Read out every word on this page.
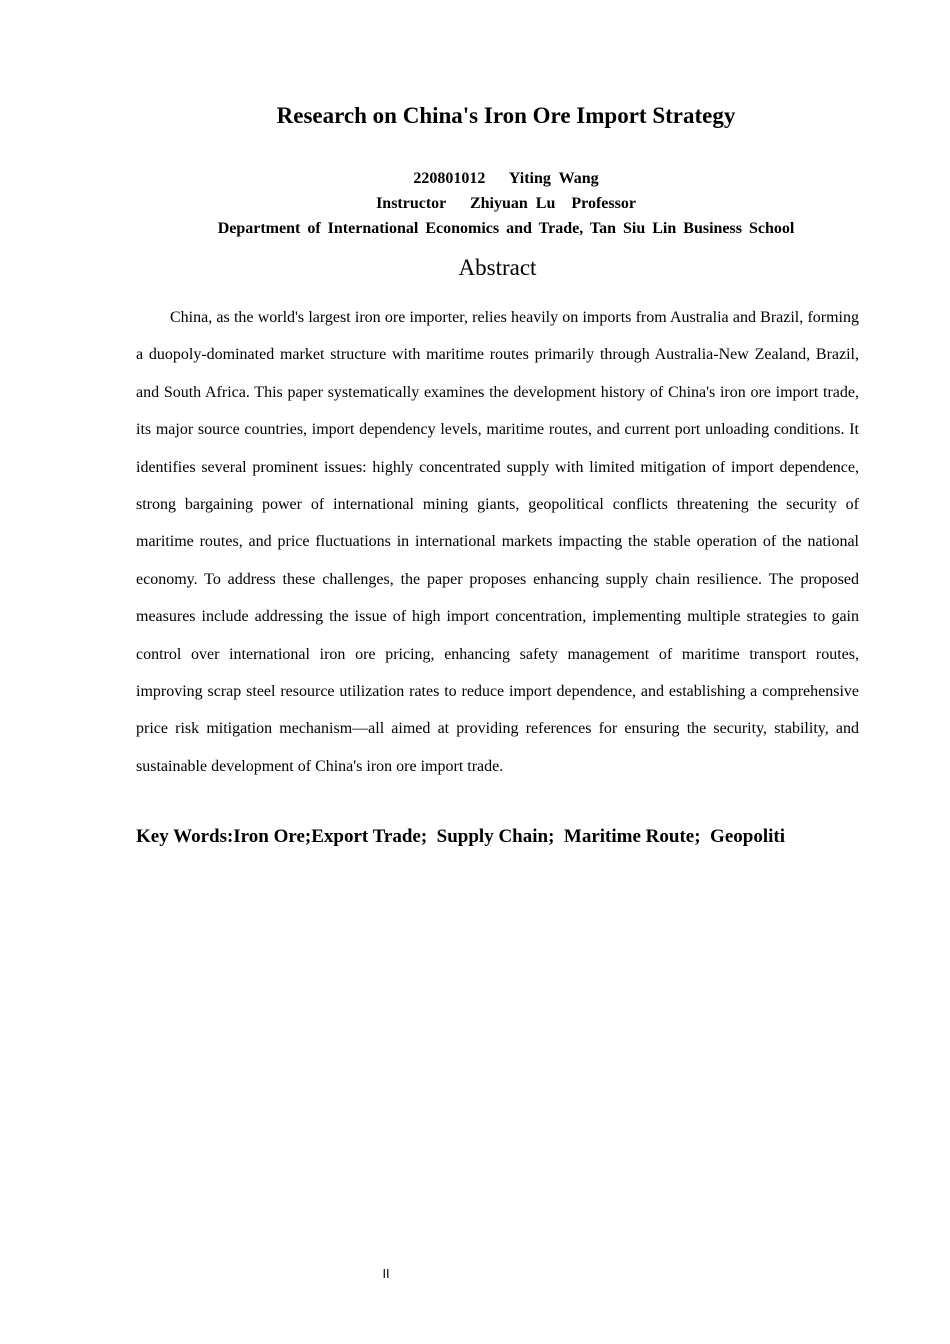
Research on China's Iron Ore Import Strategy
220801012      Yiting  Wang
Instructor      Zhiyuan  Lu    Professor
Department of International Economics and Trade, Tan Siu Lin Business School
Abstract

China, as the world's largest iron ore importer, relies heavily on imports from Australia and Brazil, forming a duopoly-dominated market structure with maritime routes primarily through Australia-New Zealand, Brazil, and South Africa. This paper systematically examines the development history of China's iron ore import trade, its major source countries, import dependency levels, maritime routes, and current port unloading conditions. It identifies several prominent issues: highly concentrated supply with limited mitigation of import dependence, strong bargaining power of international mining giants, geopolitical conflicts threatening the security of maritime routes, and price fluctuations in international markets impacting the stable operation of the national economy. To address these challenges, the paper proposes enhancing supply chain resilience. The proposed measures include addressing the issue of high import concentration, implementing multiple strategies to gain control over international iron ore pricing, enhancing safety management of maritime transport routes, improving scrap steel resource utilization rates to reduce import dependence, and establishing a comprehensive price risk mitigation mechanism—all aimed at providing references for ensuring the security, stability, and sustainable development of China's iron ore import trade.

Key Words:Iron Ore;Export Trade;  Supply Chain;  Maritime Route;  Geopoliti

II
